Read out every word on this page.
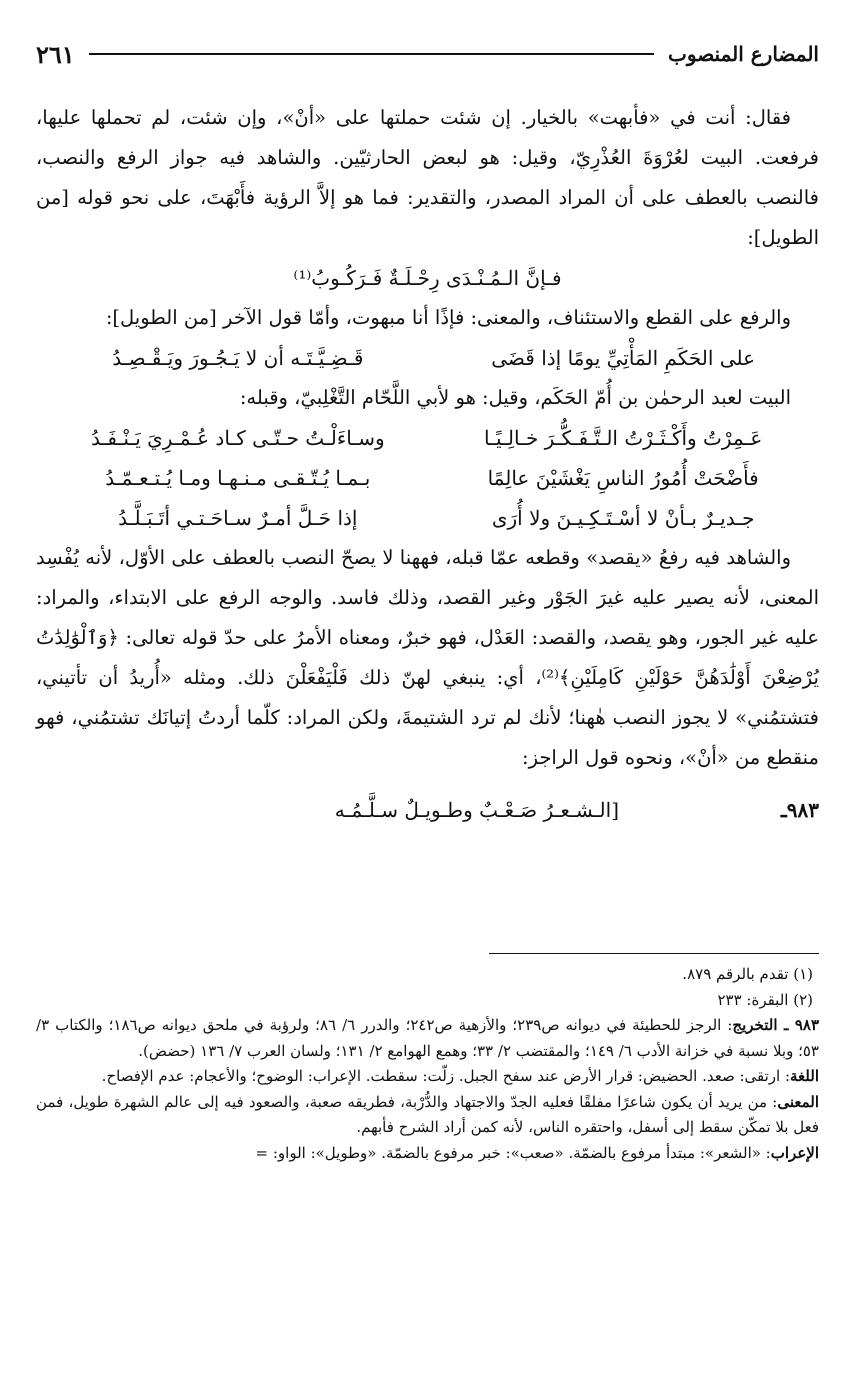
المضارع المنصوب
٢٦١

فقال: أنت في «فأبهت» بالخيار. إن شئت حملتها على «أنْ»، وإن شئت، لم تحملها عليها، فرفعت. البيت لعُرْوَةَ العُذْرِيّ، وقيل: هو لبعض الحارثيّين. والشاهد فيه جواز الرفع والنصب، فالنصب بالعطف على أن المراد المصدر، والتقدير: فما هو إلاَّ الرؤية فأَبْهَتَ، على نحو قوله [من الطويل]:

فـإنَّ الـمُـنْـدَى رِحْـلَـةٌ فَـرَكُـوبُ⁽¹⁾

والرفع على القطع والاستئناف، والمعنى: فإذًا أنا مبهوت، وأمّا قول الآخر [من الطويل]:

على الحَكَمِ المَأْتِيِّ يومًا إذا قَضَى
قَـضِـيَّـتَـه أن لا يَـجُـورَ ويَـقْـصِـدُ

البيت لعبد الرحمٰن بن أُمّ الحَكَم، وقيل: هو لأبي اللَّحّام التَّغْلِبيّ، وقبله:

عَـمِرْتُ وأَكْـثَـرْتُ الـتَّـفَـكُّـرَ خـالِـيًـا
وسـاءَلْـتُ حـتّـى كـاد عُـمْـرِيَ يَـنْـفَـدُ
فأَضْحَتْ أُمُورُ الناسِ يَغْشَيْنَ عالِمًا
بـمـا يُـتّـقـى مـنـهـا ومـا يُـتـعـمّـدُ
جـديـرٌ بـأنْ لا أسْـتَـكِـيـنَ ولا أُرَى
إذا حَـلَّ أمـرٌ سـاحَـتـي أتَـبَـلَّـدُ

والشاهد فيه رفعُ «يقصد» وقطعه عمّا قبله، فههنا لا يصحّ النصب بالعطف على الأوّل، لأنه يُفْسِد المعنى، لأنه يصير عليه غيرَ الجَوْر وغير القصد، وذلك فاسد. والوجه الرفع على الابتداء، والمراد: عليه غير الجور، وهو يقصد، والقصد: العَدْل، فهو خبرٌ، ومعناه الأمرُ على حدّ قوله تعالى: ﴿وَٱلْوَٰلِدَٰتُ يُرْضِعْنَ أَوْلَٰدَهُنَّ حَوْلَيْنِ كَامِلَيْنِ﴾⁽²⁾، أي: ينبغي لهنّ ذلك فَلْيَفْعَلْنَ ذلك. ومثله «أُريدُ أن تأتيني، فتشتمُني» لا يجوز النصب هٰهنا؛ لأنك لم ترد الشتيمةَ، ولكن المراد: كلّما أردتُ إتيانَك تشتمُني، فهو منقطع من «أنْ»، ونحوه قول الراجز:

٩٨٣ـ
[الـشـعـرُ صَـعْـبٌ وطـويـلٌ سـلَّـمُـه

(١) تقدم بالرقم ٨٧٩.

(٢) البقرة: ٢٣٣

٩٨٣ ـ التخريج: الرجز للحطيئة في ديوانه ص٢٣٩؛ والأزهية ص٢٤٢؛ والدرر ٦/ ٨٦؛ ولرؤبة في ملحق ديوانه ص١٨٦؛ والكتاب ٣/ ٥٣؛ وبلا نسبة في خزانة الأدب ٦/ ١٤٩؛ والمقتضب ٢/ ٣٣؛ وهمع الهوامع ٢/ ١٣١؛ ولسان العرب ٧/ ١٣٦ (حضض).

اللغة: ارتقى: صعد. الحضيض: قرار الأرض عند سفح الجبل. زلّت: سقطت. الإعراب: الوضوح؛ والأعجام: عدم الإفصاح.

المعنى: من يريد أن يكون شاعرًا مفلقًا فعليه الجدّ والاجتهاد والدُّرْبة، فطريقه صعبة، والصعود فيه إلى عالم الشهرة طويل، فمن فعل بلا تمكّن سقط إلى أسفل، واحتقره الناس، لأنه كمن أراد الشرح فأبهم.

الإعراب: «الشعر»: مبتدأ مرفوع بالضمّة. «صعب»: خبر مرفوع بالضمّة. «وطويل»: الواو: =
